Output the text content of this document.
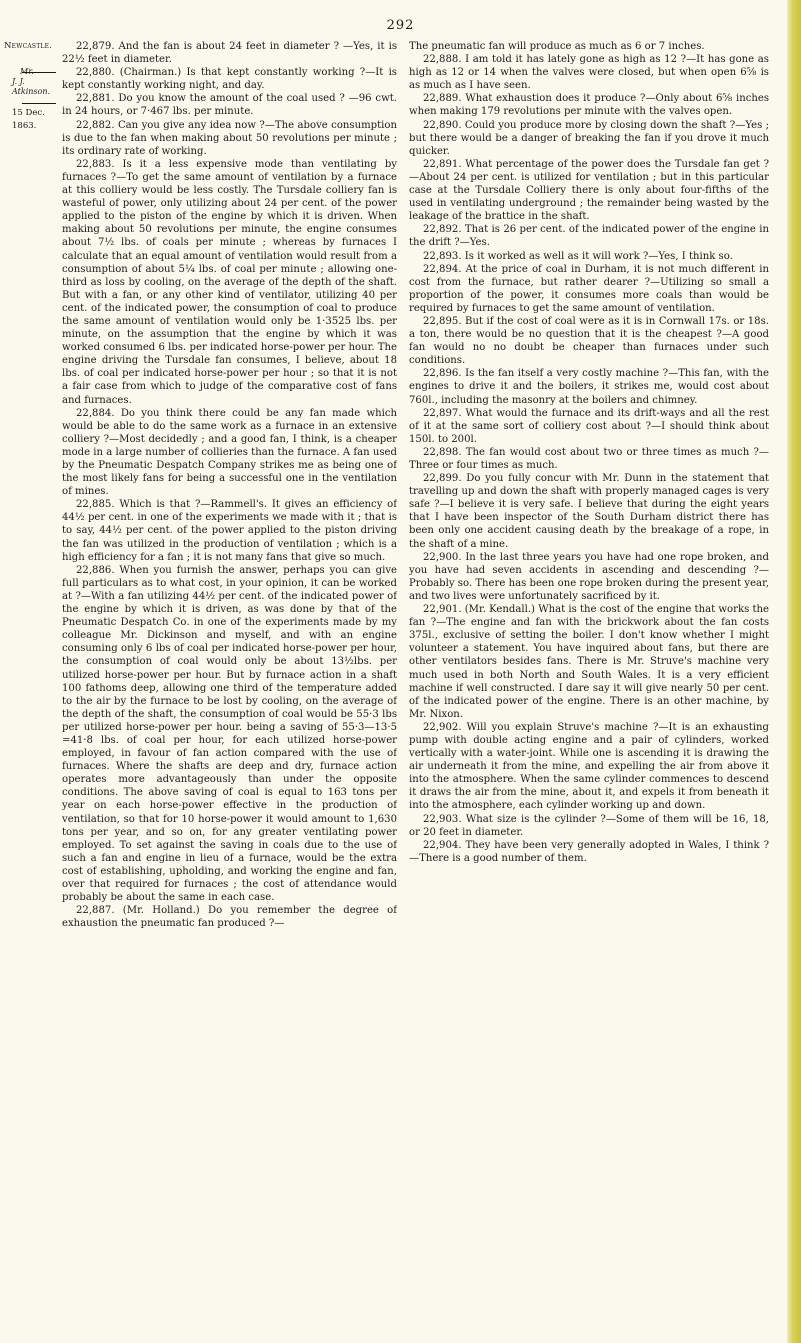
292
Newcastle.
Mr.
J. J. Atkinson.
15 Dec. 1863.

22,879. And the fan is about 24 feet in diameter ? —Yes, it is 22½ feet in diameter.

22,880. (Chairman.) Is that kept constantly working ?—It is kept constantly working night, and day.

22,881. Do you know the amount of the coal used ? —96 cwt. in 24 hours, or 7·467 lbs. per minute.

22,882. Can you give any idea now ?—The above consumption is due to the fan when making about 50 revolutions per minute ; its ordinary rate of working.

22,883. Is it a less expensive mode than ventilating by furnaces ?—To get the same amount of ventilation by a furnace at this colliery would be less costly. The Tursdale colliery fan is wasteful of power, only utilizing about 24 per cent. of the power applied to the piston of the engine by which it is driven. When making about 50 revolutions per minute, the engine consumes about 7½ lbs. of coals per minute ; whereas by furnaces I calculate that an equal amount of ventilation would result from a consumption of about 5¼ lbs. of coal per minute ; allowing one-third as loss by cooling, on the average of the depth of the shaft. But with a fan, or any other kind of ventilator, utilizing 40 per cent. of the indicated power, the consumption of coal to produce the same amount of ventilation would only be 1·3525 lbs. per minute, on the assumption that the engine by which it was worked consumed 6 lbs. per indicated horse-power per hour. The engine driving the Tursdale fan consumes, I believe, about 18 lbs. of coal per indicated horse-power per hour ; so that it is not a fair case from which to judge of the comparative cost of fans and furnaces.

22,884. Do you think there could be any fan made which would be able to do the same work as a furnace in an extensive colliery ?—Most decidedly ; and a good fan, I think, is a cheaper mode in a large number of collieries than the furnace. A fan used by the Pneumatic Despatch Company strikes me as being one of the most likely fans for being a successful one in the ventilation of mines.

22,885. Which is that ?—Rammell's. It gives an efficiency of 44½ per cent. in one of the experiments we made with it ; that is to say, 44½ per cent. of the power applied to the piston driving the fan was utilized in the production of ventilation ; which is a high efficiency for a fan ; it is not many fans that give so much.

22,886. When you furnish the answer, perhaps you can give full particulars as to what cost, in your opinion, it can be worked at ?—With a fan utilizing 44½ per cent. of the indicated power of the engine by which it is driven, as was done by that of the Pneumatic Despatch Co. in one of the experiments made by my colleague Mr. Dickinson and myself, and with an engine consuming only 6 lbs of coal per indicated horse-power per hour, the consumption of coal would only be about 13½lbs. per utilized horse-power per hour. But by furnace action in a shaft 100 fathoms deep, allowing one third of the temperature added to the air by the furnace to be lost by cooling, on the average of the depth of the shaft, the consumption of coal would be 55·3 lbs per utilized horse-power per hour. being a saving of 55·3—13·5 =41·8 lbs. of coal per hour, for each utilized horse-power employed, in favour of fan action compared with the use of furnaces. Where the shafts are deep and dry, furnace action operates more advantageously than under the opposite conditions. The above saving of coal is equal to 163 tons per year on each horse-power effective in the production of ventilation, so that for 10 horse-power it would amount to 1,630 tons per year, and so on, for any greater ventilating power employed. To set against the saving in coals due to the use of such a fan and engine in lieu of a furnace, would be the extra cost of establishing, upholding, and working the engine and fan, over that required for furnaces ; the cost of attendance would probably be about the same in each case.

22,887. (Mr. Holland.) Do you remember the degree of exhaustion the pneumatic fan produced ?—

The pneumatic fan will produce as much as 6 or 7 inches.

22,888. I am told it has lately gone as high as 12 ?—It has gone as high as 12 or 14 when the valves were closed, but when open 6⅝ is as much as I have seen.

22,889. What exhaustion does it produce ?—Only about 6⅝ inches when making 179 revolutions per minute with the valves open.

22,890. Could you produce more by closing down the shaft ?—Yes ; but there would be a danger of breaking the fan if you drove it much quicker.

22,891. What percentage of the power does the Tursdale fan get ?—About 24 per cent. is utilized for ventilation ; but in this particular case at the Tursdale Colliery there is only about four-fifths of the used in ventilating underground ; the remainder being wasted by the leakage of the brattice in the shaft.

22,892. That is 26 per cent. of the indicated power of the engine in the drift ?—Yes.

22,893. Is it worked as well as it will work ?—Yes, I think so.

22,894. At the price of coal in Durham, it is not much different in cost from the furnace, but rather dearer ?—Utilizing so small a proportion of the power, it consumes more coals than would be required by furnaces to get the same amount of ventilation.

22,895. But if the cost of coal were as it is in Cornwall 17s. or 18s. a ton, there would be no question that it is the cheapest ?—A good fan would no no doubt be cheaper than furnaces under such conditions.

22,896. Is the fan itself a very costly machine ?—This fan, with the engines to drive it and the boilers, it strikes me, would cost about 760l., including the masonry at the boilers and chimney.

22,897. What would the furnace and its drift-ways and all the rest of it at the same sort of colliery cost about ?—I should think about 150l. to 200l.

22,898. The fan would cost about two or three times as much ?—Three or four times as much.

22,899. Do you fully concur with Mr. Dunn in the statement that travelling up and down the shaft with properly managed cages is very safe ?—I believe it is very safe. I believe that during the eight years that I have been inspector of the South Durham district there has been only one accident causing death by the breakage of a rope, in the shaft of a mine.

22,900. In the last three years you have had one rope broken, and you have had seven accidents in ascending and descending ?—Probably so. There has been one rope broken during the present year, and two lives were unfortunately sacrificed by it.

22,901. (Mr. Kendall.) What is the cost of the engine that works the fan ?—The engine and fan with the brickwork about the fan costs 375l., exclusive of setting the boiler. I don't know whether I might volunteer a statement. You have inquired about fans, but there are other ventilators besides fans. There is Mr. Struve's machine very much used in both North and South Wales. It is a very efficient machine if well constructed. I dare say it will give nearly 50 per cent. of the indicated power of the engine. There is an other machine, by Mr. Nixon.

22,902. Will you explain Struve's machine ?—It is an exhausting pump with double acting engine and a pair of cylinders, worked vertically with a water-joint. While one is ascending it is drawing the air underneath it from the mine, and expelling the air from above it into the atmosphere. When the same cylinder commences to descend it draws the air from the mine, about it, and expels it from beneath it into the atmosphere, each cylinder working up and down.

22,903. What size is the cylinder ?—Some of them will be 16, 18, or 20 feet in diameter.

22,904. They have been very generally adopted in Wales, I think ?—There is a good number of them.
